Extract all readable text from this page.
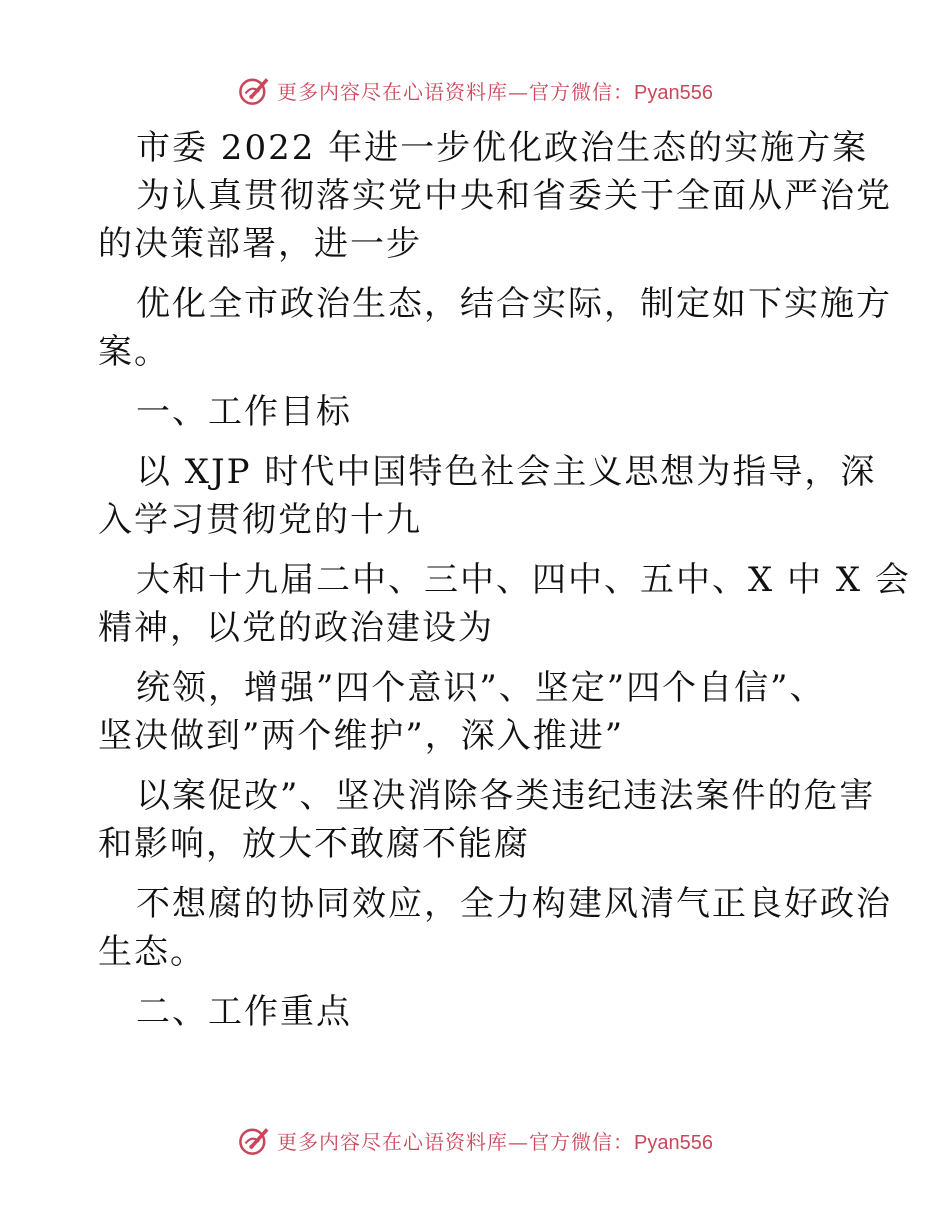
更多内容尽在心语资料库—官方微信：Pyan556
市委 2022 年进一步优化政治生态的实施方案
为认真贯彻落实党中央和省委关于全面从严治党
的决策部署，进一步
优化全市政治生态，结合实际，制定如下实施方
案。
一、工作目标
以 XJP 时代中国特色社会主义思想为指导，深
入学习贯彻党的十九
大和十九届二中、三中、四中、五中、X 中 X 会
精神，以党的政治建设为
统领，增强”四个意识”、坚定”四个自信”、
坚决做到”两个维护”，深入推进”
以案促改”、坚决消除各类违纪违法案件的危害
和影响，放大不敢腐不能腐
不想腐的协同效应，全力构建风清气正良好政治
生态。
二、工作重点
更多内容尽在心语资料库—官方微信：Pyan556
